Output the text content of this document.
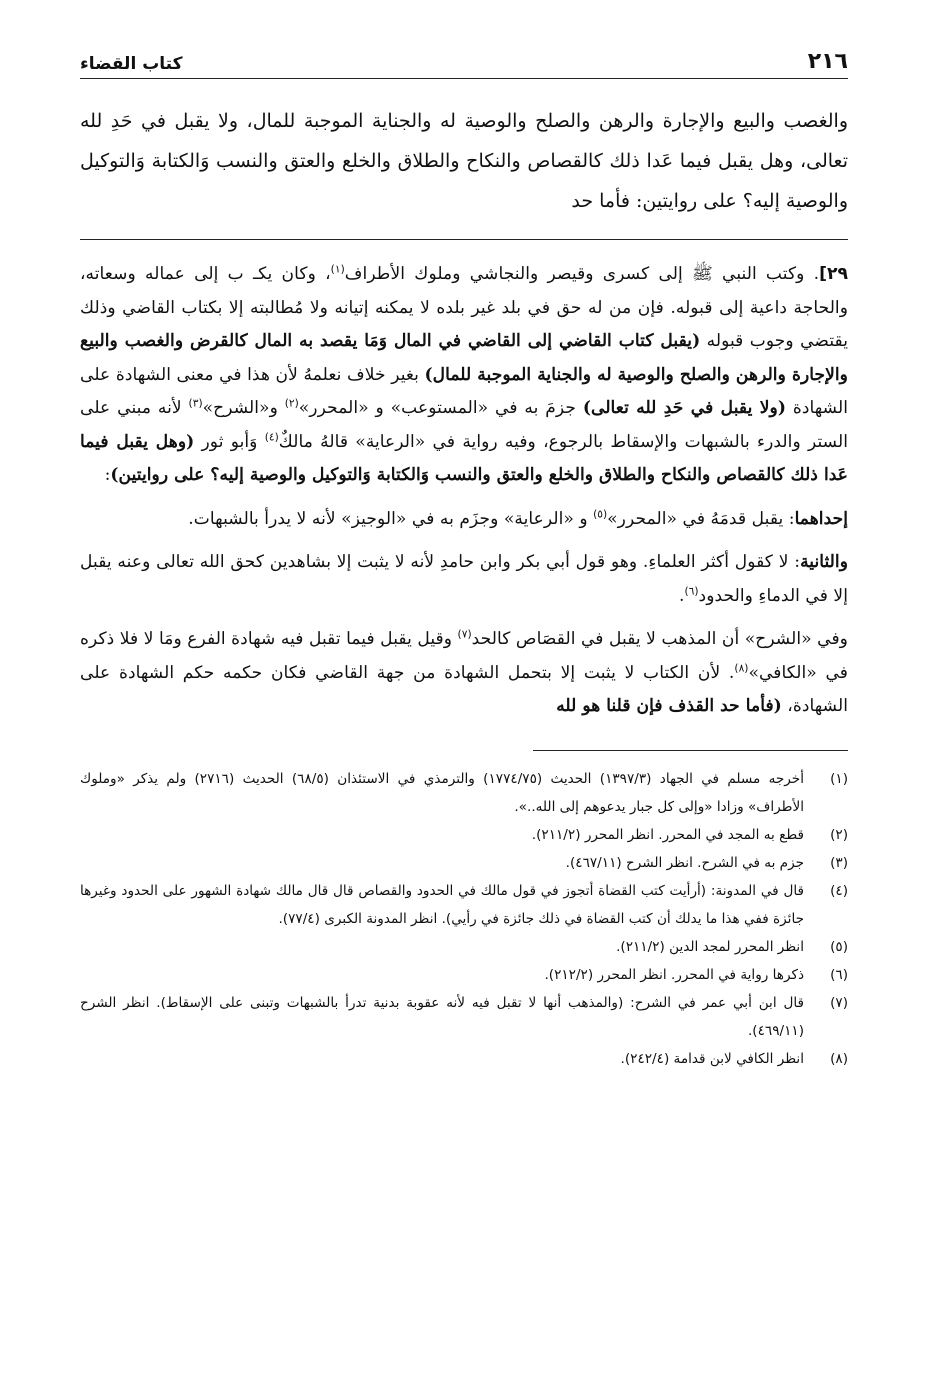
٢١٦
كتاب القضاء
والغصب والبيع والإجارة والرهن والصلح والوصية له والجناية الموجبة للمال، ولا يقبل في حَدِ لله تعالى، وهل يقبل فيما عَدا ذلك كالقصاص والنكاح والطلاق والخلع والعتق والنسب وَالكتابة وَالتوكيل والوصية إليه؟ على روايتين: فأما حد

٢٩]. وكتب النبي ﷺ إلى كسرى وقيصر والنجاشي وملوك الأطراف$^{(١)}$، وكان يكـ ب إلى عماله وسعاته، والحاجة داعية إلى قبوله. فإن من له حق في بلد غير بلده لا يمكنه إتيانه ولا مُطالبته إلا بكتاب القاضي وذلك يقتضي وجوب قبوله (يقبل كتاب القاضي إلى القاضي في المال وَمَا يقصد به المال كالقرض والغصب والبيع والإجارة والرهن والصلح والوصية له والجناية الموجبة للمال) بغير خلاف نعلمهُ لأن هذا في معنى الشهادة على الشهادة (ولا يقبل في حَدِ لله تعالى) جزمَ به في «المستوعب» و «المحرر»$^{(٢)}$ و«الشرح»$^{(٣)}$ لأنه مبني على الستر والدرء بالشبهات والإسقاط بالرجوع، وفيه رواية في «الرعاية» قالهُ مالكٌ$^{(٤)}$ وَأبو ثور (وهل يقبل فيما عَدا ذلك كالقصاص والنكاح والطلاق والخلع والعتق والنسب وَالكتابة وَالتوكيل والوصية إليه؟ على روايتين):

إحداهما: يقبل قدمَهُ في «المحرر»$^{(٥)}$ و «الرعاية» وجزَم به في «الوجيز» لأنه لا يدرأ بالشبهات.

والثانية: لا كقول أكثر العلماءِ. وهو قول أبي بكر وابن حامدِ لأنه لا يثبت إلا بشاهدين كحق الله تعالى وعنه يقبل إلا في الدماءِ والحدود$^{(٦)}$.

وفي «الشرح» أن المذهب لا يقبل في القصَاص كالحد$^{(٧)}$ وقيل يقبل فيما تقبل فيه شهادة الفرع ومَا لا فلا ذكره في «الكافي»$^{(٨)}$. لأن الكتاب لا يثبت إلا بتحمل الشهادة من جهة القاضي فكان حكمه حكم الشهادة على الشهادة، (فأما حد القذف فإن قلنا هو لله

(١)
أخرجه مسلم في الجهاد (١٣٩٧/٣) الحديث (١٧٧٤/٧٥) والترمذي في الاستئذان (٦٨/٥) الحديث (٢٧١٦) ولم يذكر «وملوك الأطراف» وزادا «وإلى كل جبار يدعوهم إلى الله..».
(٢)
قطع به المجد في المحرر. انظر المحرر (٢١١/٢).
(٣)
جزم به في الشرح. انظر الشرح (٤٦٧/١١).
(٤)
قال في المدونة: (أرأيت كتب القضاة أتجوز في قول مالك في الحدود والقصاص قال قال مالك شهادة الشهور على الحدود وغيرها جائزة ففي هذا ما يدلك أن كتب القضاة في ذلك جائزة في رأيي). انظر المدونة الكبرى (٧٧/٤).
(٥)
انظر المحرر لمجد الدين (٢١١/٢).
(٦)
ذكرها رواية في المحرر. انظر المحرر (٢١٢/٢).
(٧)
قال ابن أبي عمر في الشرح: (والمذهب أنها لا تقبل فيه لأنه عقوبة بدنية تدرأ بالشبهات وتبنى على الإسقاط). انظر الشرح (٤٦٩/١١).
(٨)
انظر الكافي لابن قدامة (٢٤٢/٤).
